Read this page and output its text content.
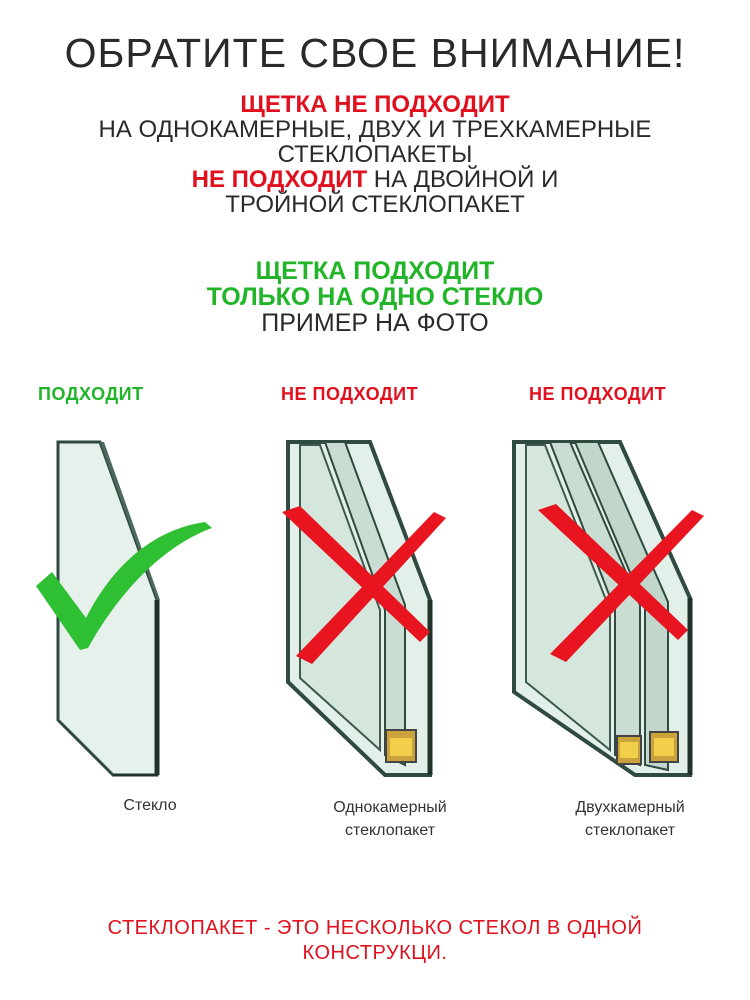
ОБРАТИТЕ СВОЕ ВНИМАНИЕ!
ЩЕТКА НЕ ПОДХОДИТ
НА ОДНОКАМЕРНЫЕ, ДВУХ И ТРЕХКАМЕРНЫЕ
СТЕКЛОПАКЕТЫ
НЕ ПОДХОДИТ НА ДВОЙНОЙ И
ТРОЙНОЙ СТЕКЛОПАКЕТ
ЩЕТКА ПОДХОДИТ
ТОЛЬКО НА ОДНО СТЕКЛО
ПРИМЕР НА ФОТО
ПОДХОДИТ	НЕ ПОДХОДИТ	НЕ ПОДХОДИТ
Стекло	Однокамерный
стеклопакет
Двухкамерный
стеклопакет
СТЕКЛОПАКЕТ - ЭТО НЕСКОЛЬКО СТЕКОЛ В ОДНОЙ
КОНСТРУКЦИ.
